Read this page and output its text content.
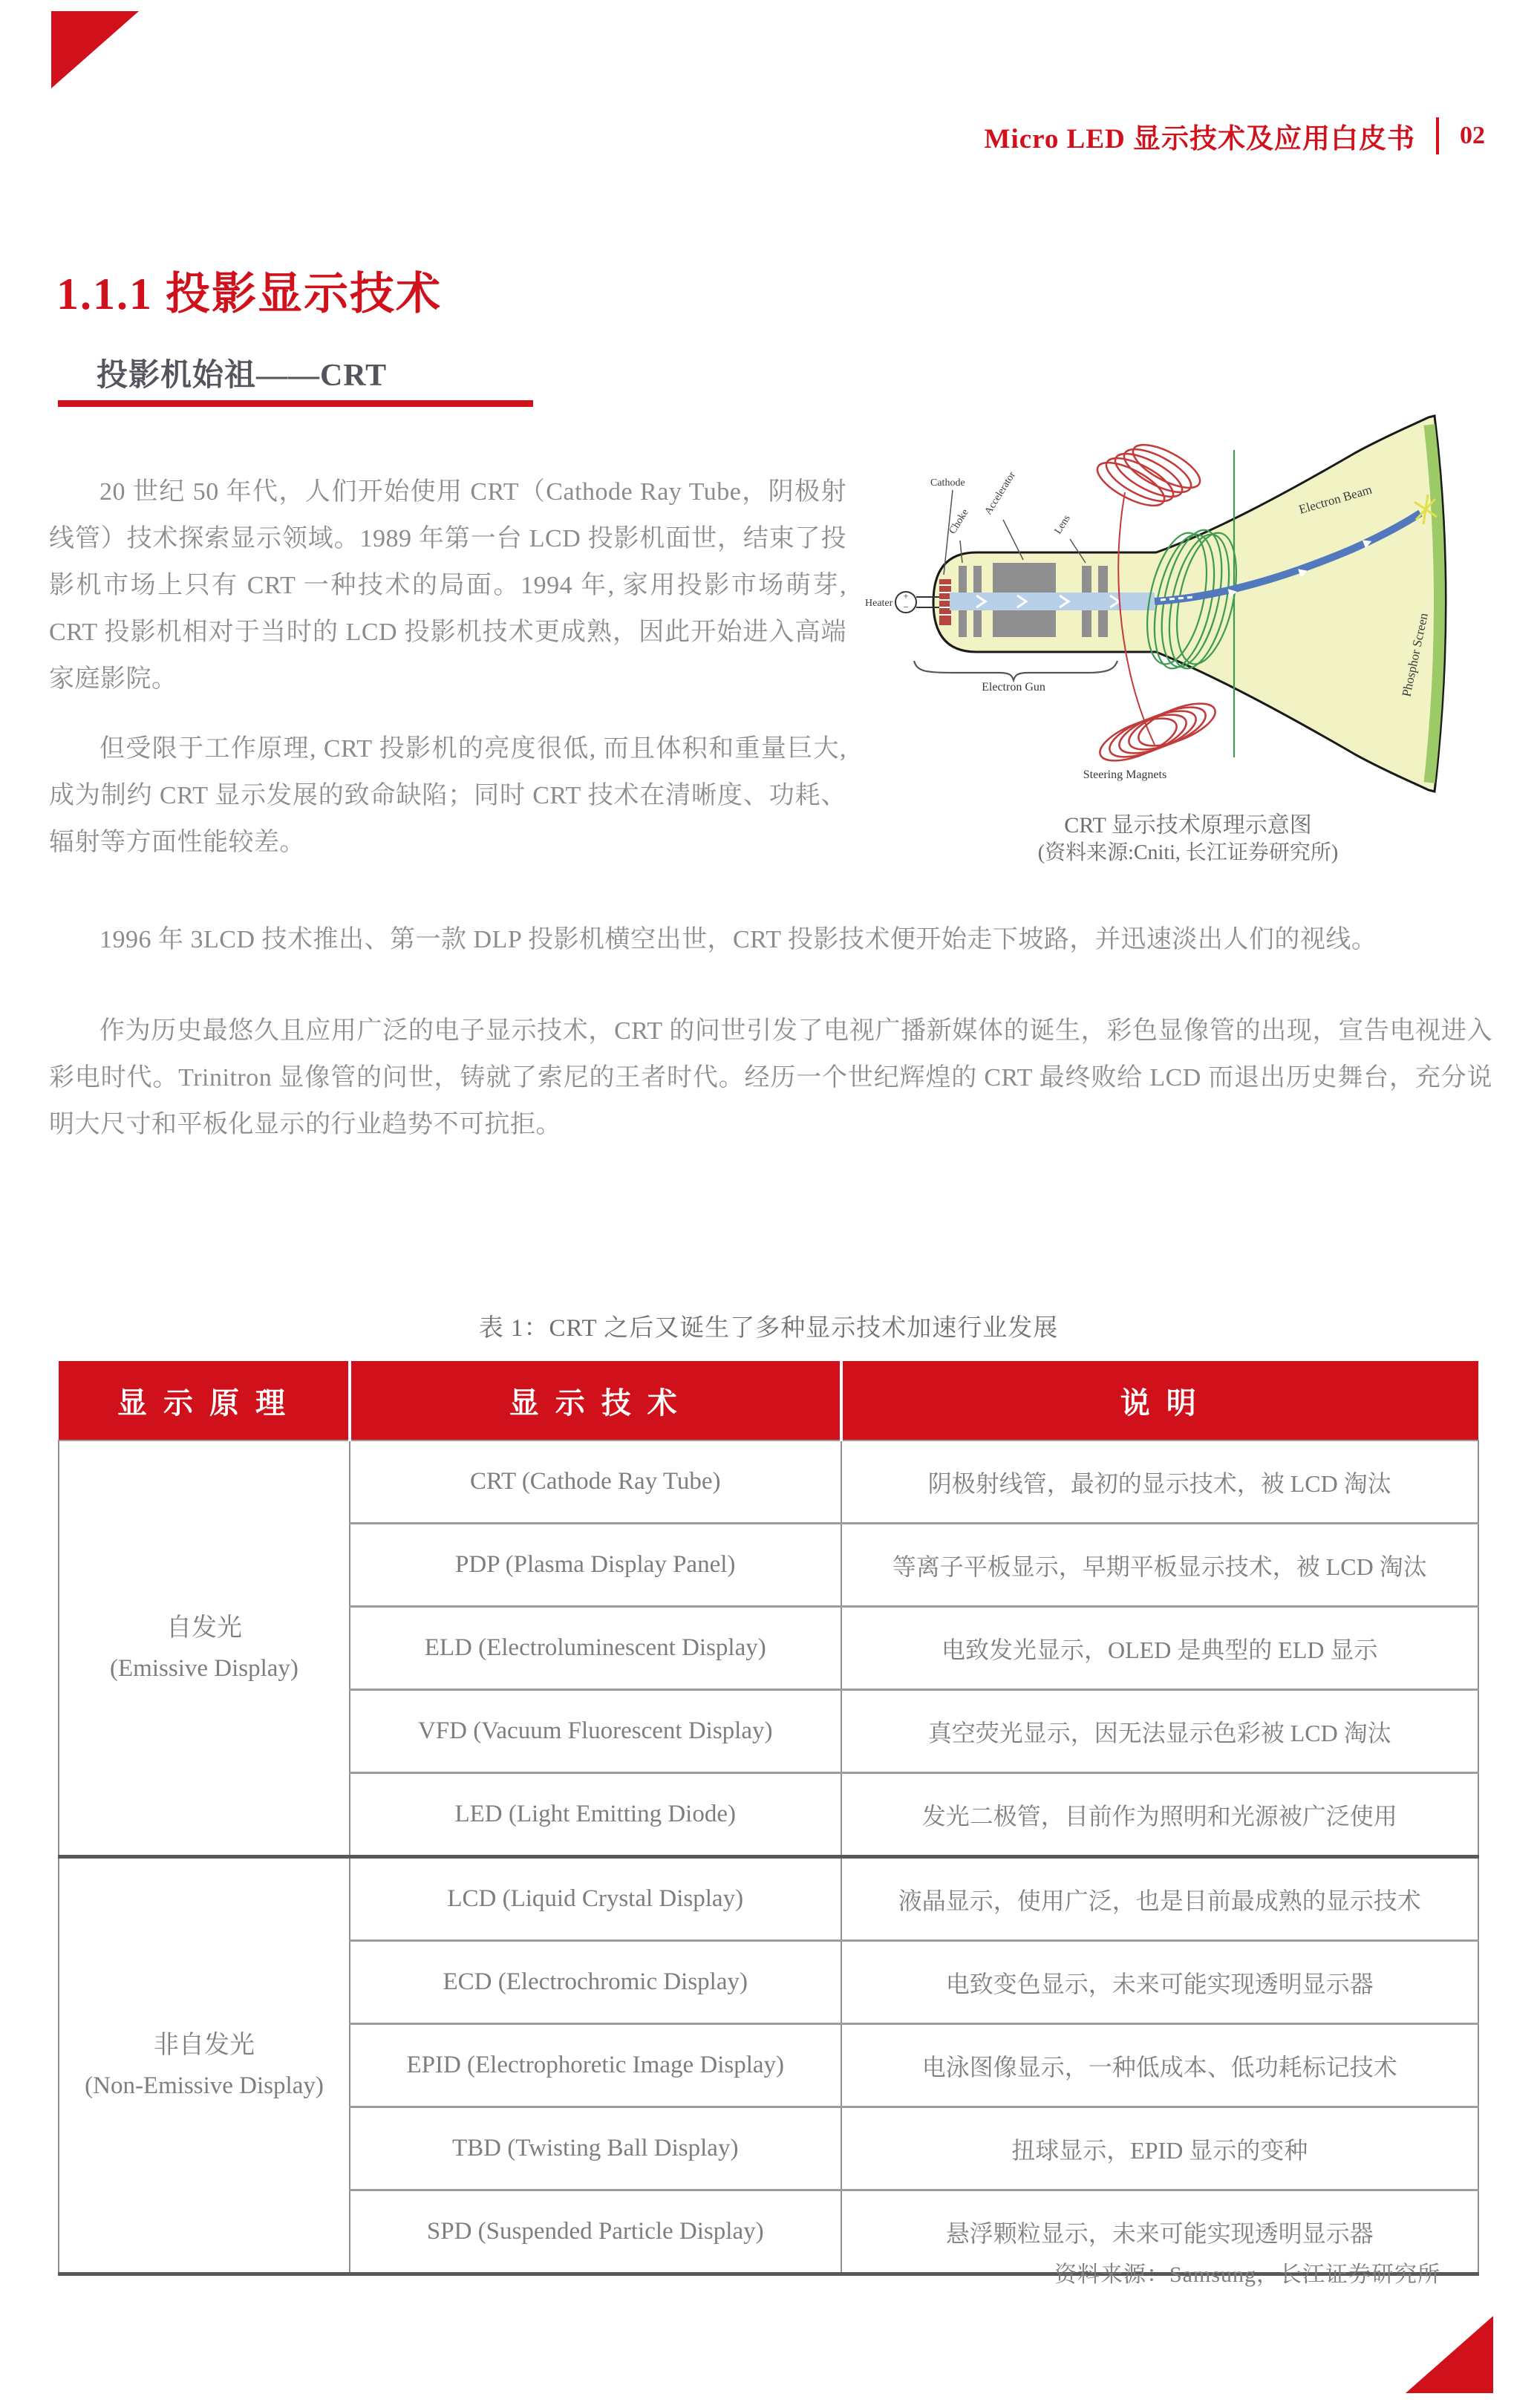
Micro LED 显示技术及应用白皮书 02
1.1.1 投影显示技术
投影机始祖——CRT

20 世纪 50 年代，人们开始使用 CRT（Cathode Ray Tube，阴极射线管）技术探索显示领域。1989 年第一台 LCD 投影机面世，结束了投影机市场上只有 CRT 一种技术的局面。1994 年, 家用投影市场萌芽, CRT 投影机相对于当时的 LCD 投影机技术更成熟，因此开始进入高端家庭影院。

但受限于工作原理, CRT 投影机的亮度很低, 而且体积和重量巨大, 成为制约 CRT 显示发展的致命缺陷；同时 CRT 技术在清晰度、功耗、辐射等方面性能较差。

+
−
Heater
Cathode
Choke
Accelerator
Lens
Electron Gun
Steering Magnets
Electron Beam
Phosphor Screen
CRT 显示技术原理示意图
(资料来源:Cniti, 长江证券研究所)

1996 年 3LCD 技术推出、第一款 DLP 投影机横空出世，CRT 投影技术便开始走下坡路，并迅速淡出人们的视线。

作为历史最悠久且应用广泛的电子显示技术，CRT 的问世引发了电视广播新媒体的诞生，彩色显像管的出现，宣告电视进入彩电时代。Trinitron 显像管的问世，铸就了索尼的王者时代。经历一个世纪辉煌的 CRT 最终败给 LCD 而退出历史舞台，充分说明大尺寸和平板化显示的行业趋势不可抗拒。

表 1：CRT 之后又诞生了多种显示技术加速行业发展
显 示 原 理	显 示 技 术	说 明

自发光
(Emissive Display)	CRT (Cathode Ray Tube)	阴极射线管，最初的显示技术，被 LCD 淘汰
	PDP (Plasma Display Panel)	等离子平板显示，早期平板显示技术，被 LCD 淘汰
	ELD (Electroluminescent Display)	电致发光显示，OLED 是典型的 ELD 显示
	VFD (Vacuum Fluorescent Display)	真空荧光显示，因无法显示色彩被 LCD 淘汰
	LED (Light Emitting Diode)	发光二极管，目前作为照明和光源被广泛使用

非自发光
(Non-Emissive Display)	LCD (Liquid Crystal Display)	液晶显示，使用广泛，也是目前最成熟的显示技术
	ECD (Electrochromic Display)	电致变色显示，未来可能实现透明显示器
	EPID (Electrophoretic Image Display)	电泳图像显示，一种低成本、低功耗标记技术
	TBD (Twisting Ball Display)	扭球显示，EPID 显示的变种
	SPD (Suspended Particle Display)	悬浮颗粒显示，未来可能实现透明显示器
资料来源：Samsung，长江证券研究所
